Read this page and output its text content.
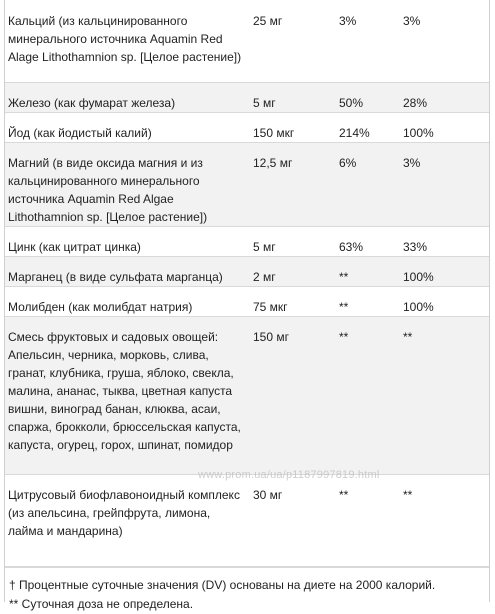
Кальций (из кальцинированного минерального источника Aquamin Red Alage Lithothamnion sp. [Целое растение])	25 мг	3%	3%
Железо (как фумарат железа)	5 мг	50%	28%
Йод (как йодистый калий)	150 мкг	214%	100%
Магний (в виде оксида магния и из кальцинированного минерального источника Aquamin Red Algae Lithothamnion sp. [Целое растение])	12,5 мг	6%	3%
Цинк (как цитрат цинка)	5 мг	63%	33%
Марганец (в виде сульфата марганца)	2 мг	**	100%
Молибден (как молибдат натрия)	75 мкг	**	100%
Смесь фруктовых и садовых овощей: Апельсин, черника, морковь, слива, гранат, клубника, груша, яблоко, свекла, малина, ананас, тыква, цветная капуста вишни, виноград банан, клюква, асаи, спаржа, брокколи, брюссельская капуста, капуста, огурец, горох, шпинат, помидор	150 мг	**	**
Цитрусовый биофлавоноидный комплекс (из апельсина, грейпфрута, лимона, лайма и мандарина)	30 мг	**	**
† Процентные суточные значения (DV) основаны на диете на 2000 калорий.
** Суточная доза не определена.
www.prom.ua/ua/p1187997819.html
